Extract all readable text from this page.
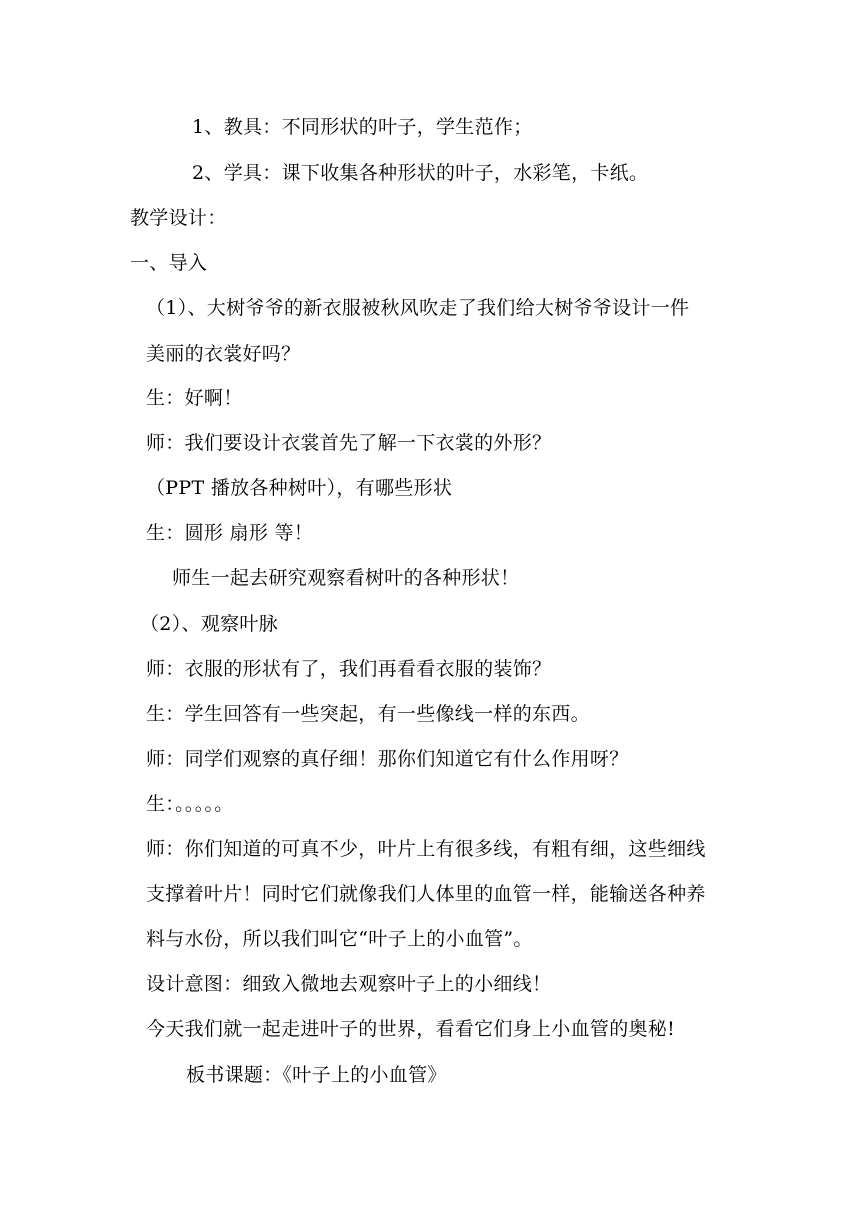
1、教具：不同形状的叶子，学生范作；
2、学具：课下收集各种形状的叶子，水彩笔，卡纸。
教学设计：
一、导入
（1）、大树爷爷的新衣服被秋风吹走了我们给大树爷爷设计一件
美丽的衣裳好吗？
生：好啊！
师：我们要设计衣裳首先了解一下衣裳的外形？
（PPT 播放各种树叶），有哪些形状
生：圆形 扇形 等！
师生一起去研究观察看树叶的各种形状！
（2）、观察叶脉
师：衣服的形状有了，我们再看看衣服的装饰？
生：学生回答有一些突起，有一些像线一样的东西。
师：同学们观察的真仔细！那你们知道它有什么作用呀？
生：。。。。。
师：你们知道的可真不少，叶片上有很多线，有粗有细，这些细线
支撑着叶片！同时它们就像我们人体里的血管一样，能输送各种养
料与水份，所以我们叫它“叶子上的小血管”。
设计意图：细致入微地去观察叶子上的小细线！
今天我们就一起走进叶子的世界，看看它们身上小血管的奥秘!
板书课题：《叶子上的小血管》
